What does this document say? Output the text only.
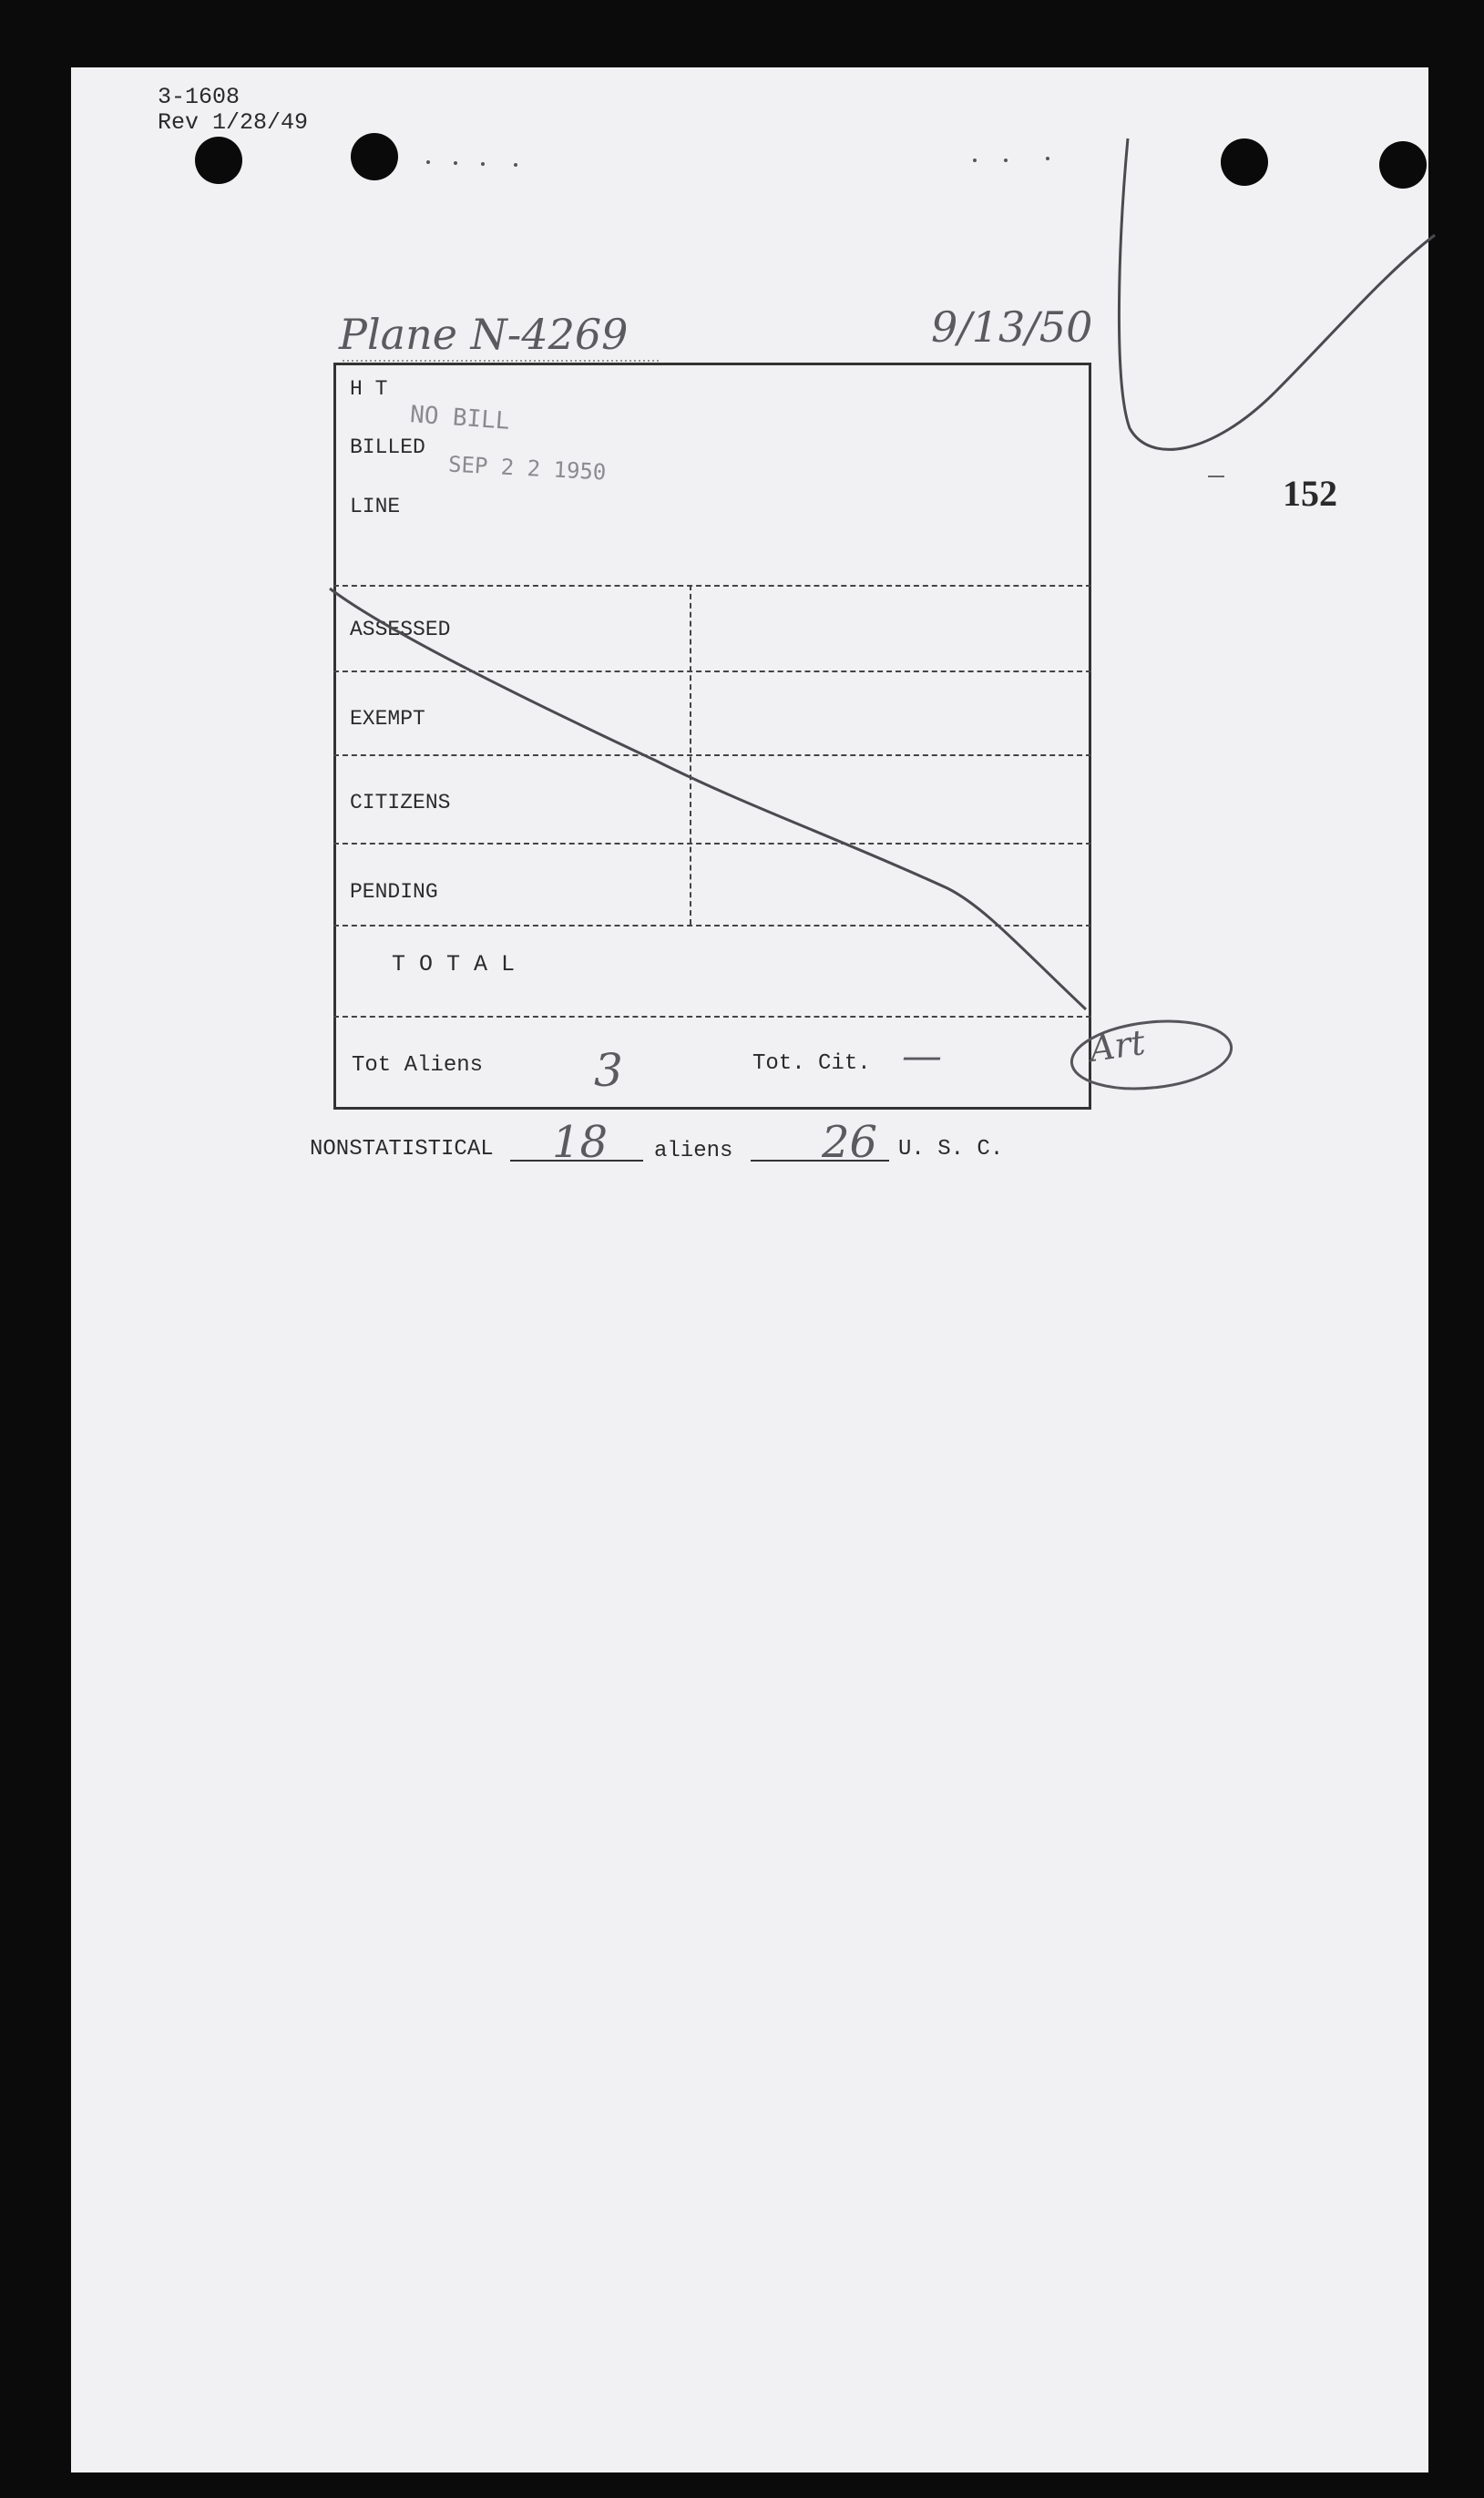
3-1608
Rev 1/28/49
Plane N-4269	9/13/50
152
H T
BILLED
LINE
NO BILL
SEP 2 2 1950
ASSESSED
EXEMPT
CITIZENS
PENDING
T O T A L
Tot Aliens 3	Tot. Cit. —
NONSTATISTICAL 18 aliens 26 U. S. C.
Art
